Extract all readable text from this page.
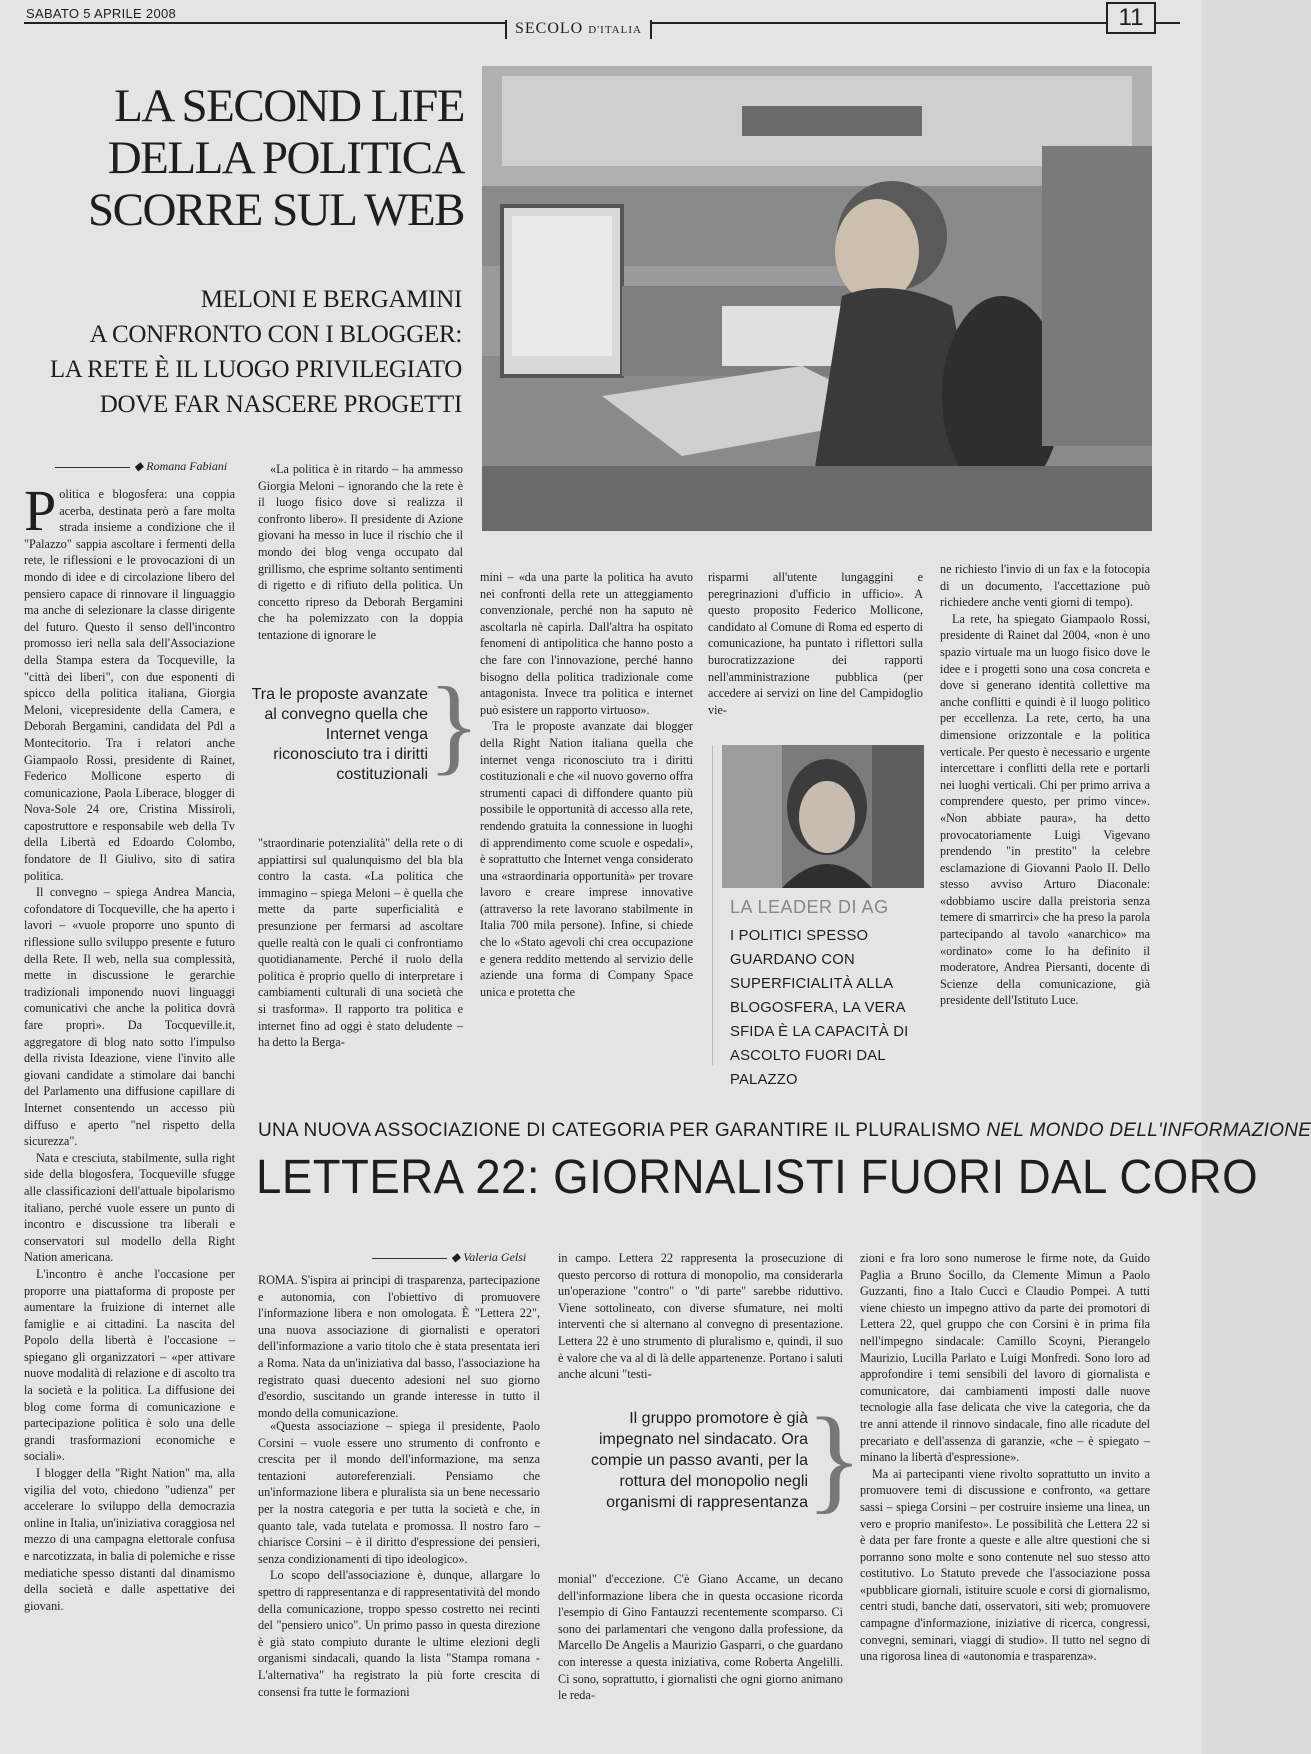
SABATO 5 APRILE 2008
SECOLO D'ITALIA	11
LA SECOND LIFE
DELLA POLITICA
SCORRE SUL WEB
MELONI E BERGAMINI
A CONFRONTO CON I BLOGGER:
LA RETE È IL LUOGO PRIVILEGIATO
DOVE FAR NASCERE PROGETTI
◆ Romana Fabiani
P olitica e blogosfera: una coppia acerba, destinata però a fare molta strada insieme a condizione che il "Palazzo" sappia ascoltare i fermenti della rete, le riflessioni e le provocazioni di un mondo di idee e di circolazione libero del pensiero capace di rinnovare il linguaggio ma anche di selezionare la classe dirigente del futuro. Questo il senso dell'incontro promosso ieri nella sala dell'Associazione della Stampa estera da Tocqueville, la "città dei liberi", con due esponenti di spicco della politica italiana, Giorgia Meloni, vicepresidente della Camera, e Deborah Bergamini, candidata del Pdl a Montecitorio. Tra i relatori anche Giampaolo Rossi, presidente di Rainet, Federico Mollicone esperto di comunicazione, Paola Liberace, blogger di Nova-Sole 24 ore, Cristina Missiroli, capostruttore e responsabile web della Tv della Libertà ed Edoardo Colombo, fondatore de Il Giulivo, sito di satira politica.

Il convegno – spiega Andrea Mancia, cofondatore di Tocqueville, che ha aperto i lavori – «vuole proporre uno spunto di riflessione sullo sviluppo presente e futuro della Rete. Il web, nella sua complessità, mette in discussione le gerarchie tradizionali imponendo nuovi linguaggi comunicativi che anche la politica dovrà fare propri». Da Tocqueville.it, aggregatore di blog nato sotto l'impulso della rivista Ideazione, viene l'invito alle giovani candidate a stimolare dai banchi del Parlamento una diffusione capillare di Internet consentendo un accesso più diffuso e aperto "nel rispetto della sicurezza".

Nata e cresciuta, stabilmente, sulla right side della blogosfera, Tocqueville sfugge alle classificazioni dell'attuale bipolarismo italiano, perché vuole essere un punto di incontro e discussione tra liberali e conservatori sul modello della Right Nation americana.

L'incontro è anche l'occasione per proporre una piattaforma di proposte per aumentare la fruizione di internet alle famiglie e ai cittadini. La nascita del Popolo della libertà è l'occasione – spiegano gli organizzatori – «per attivare nuove modalità di relazione e di ascolto tra la società e la politica. La diffusione dei blog come forma di comunicazione e partecipazione politica è solo una delle grandi trasformazioni economiche e sociali».

I blogger della "Right Nation" ma, alla vigilia del voto, chiedono "udienza" per accelerare lo sviluppo della democrazia online in Italia, un'iniziativa coraggiosa nel mezzo di una campagna elettorale confusa e narcotizzata, in balia di polemiche e risse mediatiche spesso distanti dal dinamismo della società e dalle aspettative dei giovani.

«La politica è in ritardo – ha ammesso Giorgia Meloni – ignorando che la rete è il luogo fisico dove si realizza il confronto libero». Il presidente di Azione giovani ha messo in luce il rischio che il mondo dei blog venga occupato dal grillismo, che esprime soltanto sentimenti di rigetto e di rifiuto della politica. Un concetto ripreso da Deborah Bergamini che ha polemizzato con la doppia tentazione di ignorare le

Tra le proposte avanzate al convegno quella che Internet venga riconosciuto tra i diritti costituzionali }

"straordinarie potenzialità" della rete o di appiattirsi sul qualunquismo del bla bla contro la casta. «La politica che immagino – spiega Meloni – è quella che mette da parte superficialità e presunzione per fermarsi ad ascoltare quelle realtà con le quali ci confrontiamo quotidianamente. Perché il ruolo della politica è proprio quello di interpretare i cambiamenti culturali di una società che si trasforma». Il rapporto tra politica e internet fino ad oggi è stato deludente – ha detto la Berga-

mini – «da una parte la politica ha avuto nei confronti della rete un atteggiamento convenzionale, perché non ha saputo nè ascoltarla nè capirla. Dall'altra ha ospitato fenomeni di antipolitica che hanno posto a che fare con l'innovazione, perché hanno bisogno della politica tradizionale come antagonista. Invece tra politica e internet può esistere un rapporto virtuoso».

Tra le proposte avanzate dai blogger della Right Nation italiana quella che internet venga riconosciuto tra i diritti costituzionali e che «il nuovo governo offra strumenti capaci di diffondere quanto più possibile le opportunità di accesso alla rete, rendendo gratuita la connessione in luoghi di apprendimento come scuole e ospedali», è soprattutto che Internet venga considerato una «straordinaria opportunità» per trovare lavoro e creare imprese innovative (attraverso la rete lavorano stabilmente in Italia 700 mila persone). Infine, si chiede che lo «Stato agevoli chi crea occupazione e genera reddito mettendo al servizio delle aziende una forma di Company Space unica e protetta che

risparmi all'utente lungaggini e peregrinazioni d'ufficio in ufficio». A questo proposito Federico Mollicone, candidato al Comune di Roma ed esperto di comunicazione, ha puntato i riflettori sulla burocratizzazione dei rapporti nell'amministrazione pubblica (per accedere ai servizi on line del Campidoglio vie-

LA LEADER DI AG
I POLITICI SPESSO GUARDANO CON SUPERFICIALITÀ ALLA BLOGOSFERA, LA VERA SFIDA È LA CAPACITÀ DI ASCOLTO FUORI DAL PALAZZO

ne richiesto l'invio di un fax e la fotocopia di un documento, l'accettazione può richiedere anche venti giorni di tempo).

La rete, ha spiegato Giampaolo Rossi, presidente di Rainet dal 2004, «non è uno spazio virtuale ma un luogo fisico dove le idee e i progetti sono una cosa concreta e dove si generano identità collettive ma anche conflitti e quindi è il luogo politico per eccellenza. La rete, certo, ha una dimensione orizzontale e la politica verticale. Per questo è necessario e urgente intercettare i conflitti della rete e portarli nei luoghi verticali. Chi per primo arriva a comprendere questo, per primo vince». «Non abbiate paura», ha detto provocatoriamente Luigi Vigevano prendendo "in prestito" la celebre esclamazione di Giovanni Paolo II. Dello stesso avviso Arturo Diaconale: «dobbiamo uscire dalla preistoria senza temere di smarrirci» che ha preso la parola partecipando al tavolo «anarchico» ma «ordinato» come lo ha definito il moderatore, Andrea Piersanti, docente di Scienze della comunicazione, già presidente dell'Istituto Luce.

UNA NUOVA ASSOCIAZIONE DI CATEGORIA PER GARANTIRE IL PLURALISMO NEL MONDO DELL'INFORMAZIONE
LETTERA 22: GIORNALISTI FUORI DAL CORO
◆ Valeria Gelsi

ROMA. S'ispira ai principi di trasparenza, partecipazione e autonomia, con l'obiettivo di promuovere l'informazione libera e non omologata. È "Lettera 22", una nuova associazione di giornalisti e operatori dell'informazione a vario titolo che è stata presentata ieri a Roma. Nata da un'iniziativa dal basso, l'associazione ha registrato quasi duecento adesioni nel suo giorno d'esordio, suscitando un grande interesse in tutto il mondo della comunicazione.

«Questa associazione – spiega il presidente, Paolo Corsini – vuole essere uno strumento di confronto e crescita per il mondo dell'informazione, ma senza tentazioni autoreferenziali. Pensiamo che un'informazione libera e pluralista sia un bene necessario per la nostra categoria e per tutta la società e che, in quanto tale, vada tutelata e promossa. Il nostro faro – chiarisce Corsini – è il diritto d'espressione dei pensieri, senza condizionamenti di tipo ideologico».

Lo scopo dell'associazione è, dunque, allargare lo spettro di rappresentanza e di rappresentatività del mondo della comunicazione, troppo spesso costretto nei recinti del "pensiero unico". Un primo passo in questa direzione è già stato compiuto durante le ultime elezioni degli organismi sindacali, quando la lista "Stampa romana - L'alternativa" ha registrato la più forte crescita di consensi fra tutte le formazioni

in campo. Lettera 22 rappresenta la prosecuzione di questo percorso di rottura di monopolio, ma considerarla un'operazione "contro" o "di parte" sarebbe riduttivo. Viene sottolineato, con diverse sfumature, nei molti interventi che si alternano al convegno di presentazione. Lettera 22 è uno strumento di pluralismo e, quindi, il suo è valore che va al di là delle appartenenze. Portano i saluti anche alcuni "testi-

Il gruppo promotore è già impegnato nel sindacato. Ora compie un passo avanti, per la rottura del monopolio negli organismi di rappresentanza
}

monial" d'eccezione. C'è Giano Accame, un decano dell'informazione libera che in questa occasione ricorda l'esempio di Gino Fantauzzi recentemente scomparso. Ci sono dei parlamentari che vengono dalla professione, da Marcello De Angelis a Maurizio Gasparri, o che guardano con interesse a questa iniziativa, come Roberta Angelilli. Ci sono, soprattutto, i giornalisti che ogni giorno animano le reda-

zioni e fra loro sono numerose le firme note, da Guido Paglia a Bruno Socillo, da Clemente Mimun a Paolo Guzzanti, fino a Italo Cucci e Claudio Pompei. A tutti viene chiesto un impegno attivo da parte dei promotori di Lettera 22, quel gruppo che con Corsini è in prima fila nell'impegno sindacale: Camillo Scoyni, Pierangelo Maurizio, Lucilla Parlato e Luigi Monfredi. Sono loro ad approfondire i temi sensibili del lavoro di giornalista e comunicatore, dai cambiamenti imposti dalle nuove tecnologie alla fase delicata che vive la categoria, che da tre anni attende il rinnovo sindacale, fino alle ricadute del precariato e dell'assenza di garanzie, «che – è spiegato – minano la libertà d'espressione».

Ma ai partecipanti viene rivolto soprattutto un invito a promuovere temi di discussione e confronto, «a gettare sassi – spiega Corsini – per costruire insieme una linea, un vero e proprio manifesto». Le possibilità che Lettera 22 si è data per fare fronte a queste e alle altre questioni che si porranno sono molte e sono contenute nel suo stesso atto costitutivo. Lo Statuto prevede che l'associazione possa «pubblicare giornali, istituire scuole e corsi di giornalismo, centri studi, banche dati, osservatori, siti web; promuovere campagne d'informazione, iniziative di ricerca, congressi, convegni, seminari, viaggi di studio». Il tutto nel segno di una rigorosa linea di «autonomia e trasparenza».
